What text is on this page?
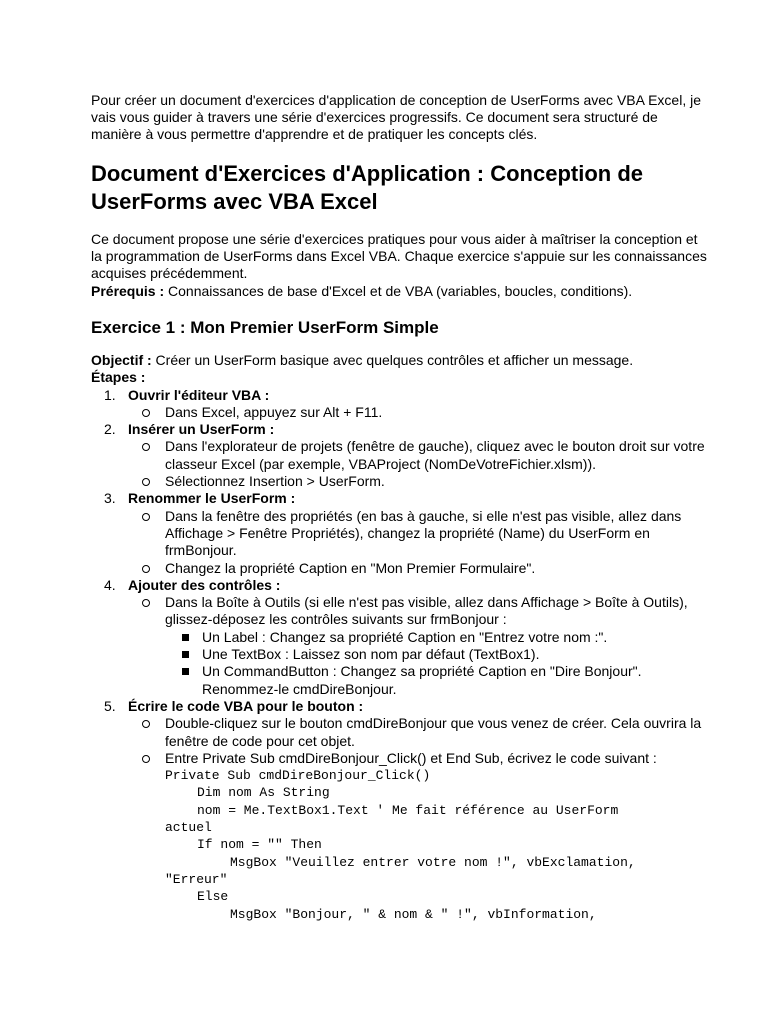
Pour créer un document d'exercices d'application de conception de UserForms avec VBA Excel, je vais vous guider à travers une série d'exercices progressifs. Ce document sera structuré de manière à vous permettre d'apprendre et de pratiquer les concepts clés.

Document d'Exercices d'Application : Conception de UserForms avec VBA Excel

Ce document propose une série d'exercices pratiques pour vous aider à maîtriser la conception et la programmation de UserForms dans Excel VBA. Chaque exercice s'appuie sur les connaissances acquises précédemment.

Prérequis : Connaissances de base d'Excel et de VBA (variables, boucles, conditions).

Exercice 1 : Mon Premier UserForm Simple

Objectif : Créer un UserForm basique avec quelques contrôles et afficher un message.

Étapes :

1. Ouvrir l'éditeur VBA :
Dans Excel, appuyez sur Alt + F11.
2. Insérer un UserForm :
Dans l'explorateur de projets (fenêtre de gauche), cliquez avec le bouton droit sur votre classeur Excel (par exemple, VBAProject (NomDeVotreFichier.xlsm)).
Sélectionnez Insertion > UserForm.
3. Renommer le UserForm :
Dans la fenêtre des propriétés (en bas à gauche, si elle n'est pas visible, allez dans Affichage > Fenêtre Propriétés), changez la propriété (Name) du UserForm en frmBonjour.
Changez la propriété Caption en "Mon Premier Formulaire".
4. Ajouter des contrôles :
Dans la Boîte à Outils (si elle n'est pas visible, allez dans Affichage > Boîte à Outils), glissez-déposez les contrôles suivants sur frmBonjour :
Un Label : Changez sa propriété Caption en "Entrez votre nom :".
Une TextBox : Laissez son nom par défaut (TextBox1).
Un CommandButton : Changez sa propriété Caption en "Dire Bonjour". Renommez-le cmdDireBonjour.
5. Écrire le code VBA pour le bouton :
Double-cliquez sur le bouton cmdDireBonjour que vous venez de créer. Cela ouvrira la fenêtre de code pour cet objet.
Entre Private Sub cmdDireBonjour_Click() et End Sub, écrivez le code suivant :
Private Sub cmdDireBonjour_Click()
Dim nom As String
nom = Me.TextBox1.Text ' Me fait référence au UserForm
actuel
If nom = "" Then
MsgBox "Veuillez entrer votre nom !", vbExclamation,
"Erreur"
Else
MsgBox "Bonjour, " & nom & " !", vbInformation,
